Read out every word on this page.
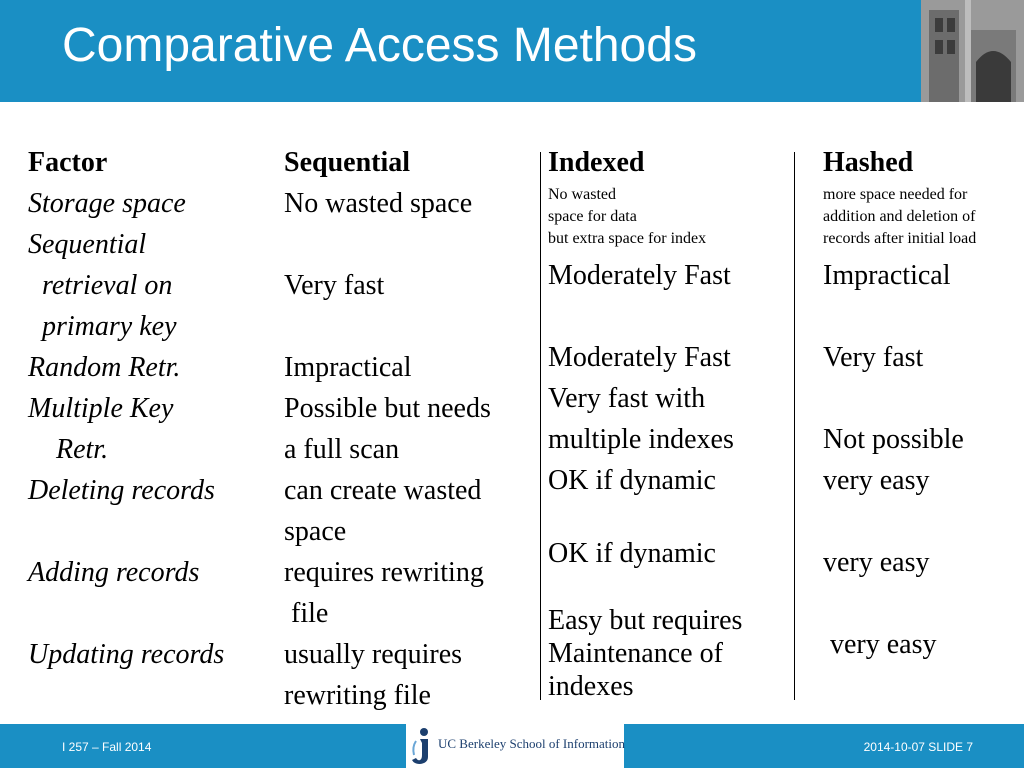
Comparative Access Methods
Factor
Storage space
Sequential
retrieval on
primary key
Random Retr.
Multiple Key
Retr.
Deleting records
Adding records
Updating records
Sequential
No wasted space
Very fast
Impractical
Possible but needs
a full scan
can create wasted
space
requires rewriting
file
usually requires
rewriting file
Indexed
No wasted
space for data
but extra space for index
Moderately Fast
Moderately Fast
Very fast with
multiple indexes
OK if dynamic
OK if dynamic
Easy but requires
Maintenance of
indexes
Hashed
more space needed for
addition and deletion of
records after initial load
Impractical
Very fast
Not possible
very easy
very easy
very easy
I 257 – Fall 2014	UC Berkeley School of Information	2014-10-07 SLIDE 7
